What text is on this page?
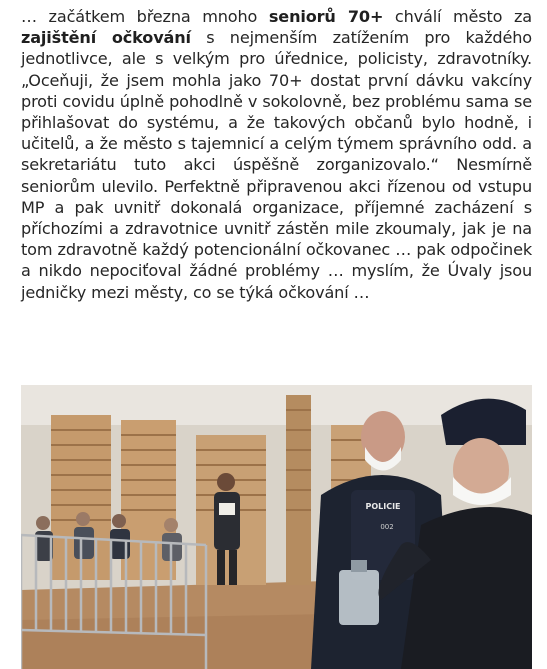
… začátkem března mnoho seniorů 70+ chválí město za zajištění očkování s nejmenším zatížením pro každého jednotlivce, ale s velkým pro úřednice, policisty, zdravotníky. „Oceňuji, že jsem mohla jako 70+ dostat první dávku vakcíny proti covidu úplně pohodlně v sokolovně, bez problému sama se přihlašovat do systému, a že takových občanů bylo hodně, i učitelů, a že město s tajemnicí a celým týmem správního odd. a sekretariátu tuto akci úspěšně zorganizovalo.“ Nesmírně seniorům ulevilo. Perfektně připravenou akci řízenou od vstupu MP a pak uvnitř dokonalá organizace, příjemné zacházení s příchozími a zdravotnice uvnitř zástěn mile zkoumaly, jak je na tom zdravotně každý potencionální očkovanec … pak odpočinek a nikdo nepociťoval žádné problémy … myslím, že Úvaly jsou jedničky mezi městy, co se týká očkování …

POLICIE
002
